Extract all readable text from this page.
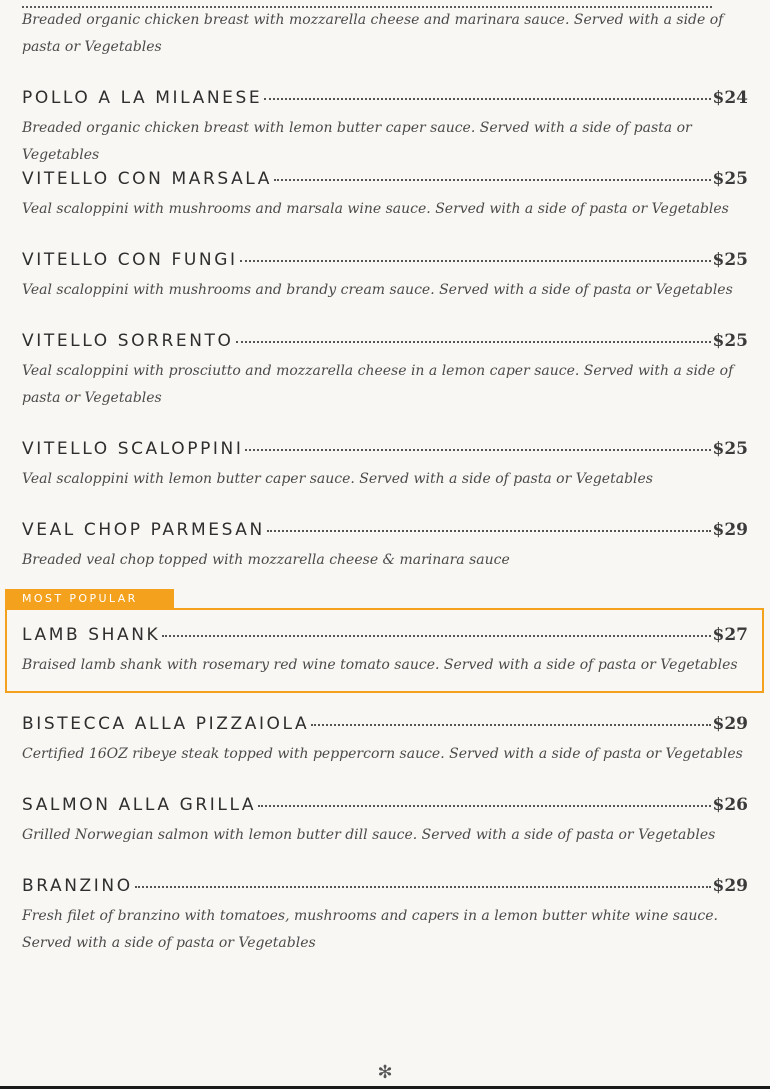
Breaded organic chicken breast with mozzarella cheese and marinara sauce. Served with a side of pasta or Vegetables
POLLO A LA MILANESE	$24
Breaded organic chicken breast with lemon butter caper sauce. Served with a side of pasta or Vegetables
VITELLO CON MARSALA	$25
Veal scaloppini with mushrooms and marsala wine sauce. Served with a side of pasta or Vegetables
VITELLO CON FUNGI	$25
Veal scaloppini with mushrooms and brandy cream sauce. Served with a side of pasta or Vegetables
VITELLO SORRENTO	$25
Veal scaloppini with prosciutto and mozzarella cheese in a lemon caper sauce. Served with a side of pasta or Vegetables
VITELLO SCALOPPINI	$25
Veal scaloppini with lemon butter caper sauce. Served with a side of pasta or Vegetables
VEAL CHOP PARMESAN	$29
Breaded veal chop topped with mozzarella cheese & marinara sauce
MOST POPULAR
LAMB SHANK	$27
Braised lamb shank with rosemary red wine tomato sauce. Served with a side of pasta or Vegetables
BISTECCA ALLA PIZZAIOLA	$29
Certified 16OZ ribeye steak topped with peppercorn sauce. Served with a side of pasta or Vegetables
SALMON ALLA GRILLA	$26
Grilled Norwegian salmon with lemon butter dill sauce. Served with a side of pasta or Vegetables
BRANZINO	$29
Fresh filet of branzino with tomatoes, mushrooms and capers in a lemon butter white wine sauce. Served with a side of pasta or Vegetables
✻
